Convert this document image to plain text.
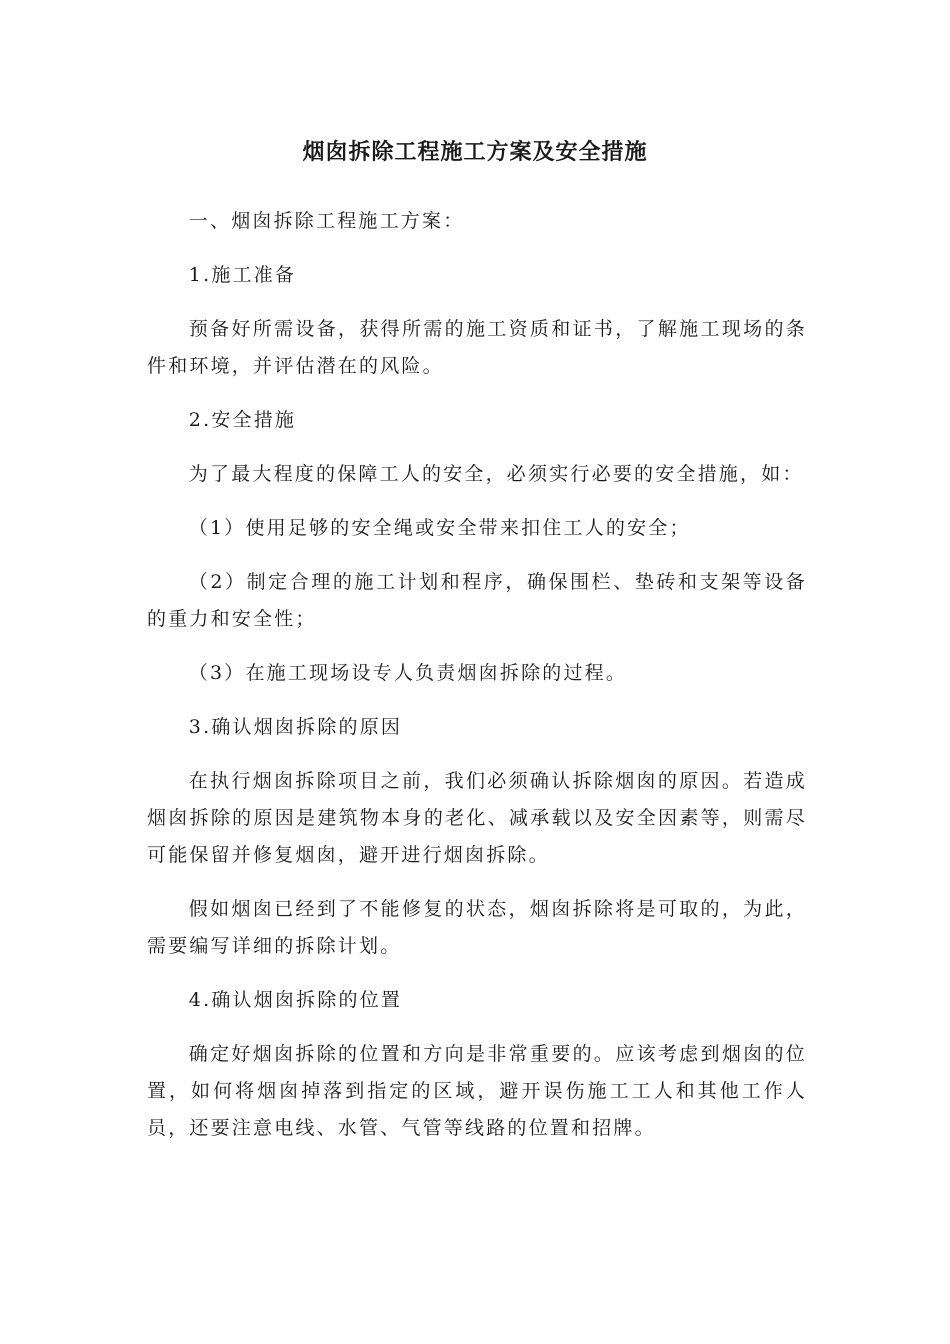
烟囱拆除工程施工方案及安全措施

一、烟囱拆除工程施工方案：

1.施工准备

预备好所需设备，获得所需的施工资质和证书，了解施工现场的条件和环境，并评估潜在的风险。

2.安全措施

为了最大程度的保障工人的安全，必须实行必要的安全措施，如：

（1）使用足够的安全绳或安全带来扣住工人的安全；

（2）制定合理的施工计划和程序，确保围栏、垫砖和支架等设备的重力和安全性；

（3）在施工现场设专人负责烟囱拆除的过程。

3.确认烟囱拆除的原因

在执行烟囱拆除项目之前，我们必须确认拆除烟囱的原因。若造成烟囱拆除的原因是建筑物本身的老化、减承载以及安全因素等，则需尽可能保留并修复烟囱，避开进行烟囱拆除。

假如烟囱已经到了不能修复的状态，烟囱拆除将是可取的，为此，需要编写详细的拆除计划。

4.确认烟囱拆除的位置

确定好烟囱拆除的位置和方向是非常重要的。应该考虑到烟囱的位置，如何将烟囱掉落到指定的区域，避开误伤施工工人和其他工作人员，还要注意电线、水管、气管等线路的位置和招牌。
